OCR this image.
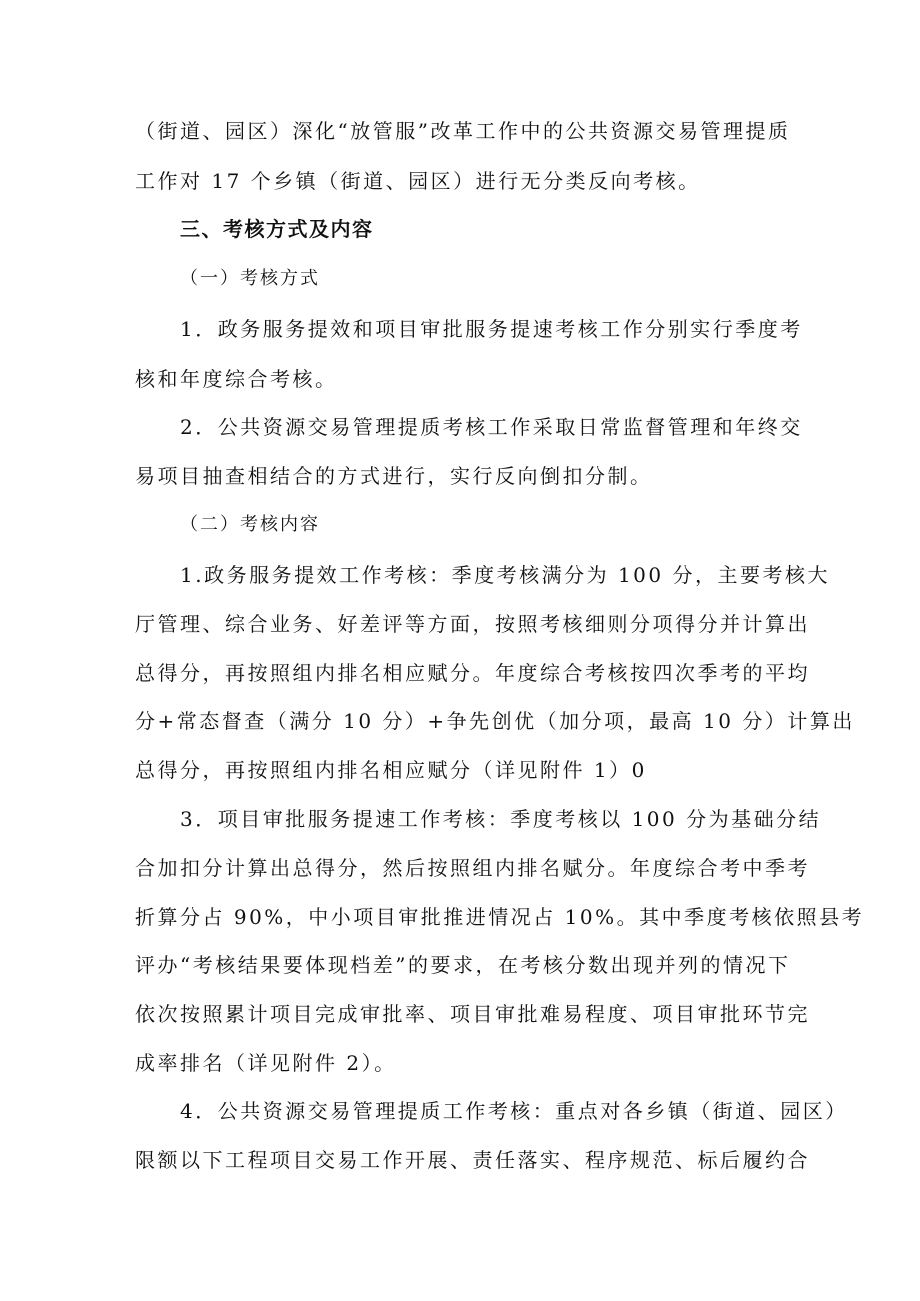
（街道、园区）深化“放管服”改革工作中的公共资源交易管理提质
工作对 17 个乡镇（街道、园区）进行无分类反向考核。
三、考核方式及内容
（一）考核方式
1．政务服务提效和项目审批服务提速考核工作分别实行季度考
核和年度综合考核。
2．公共资源交易管理提质考核工作采取日常监督管理和年终交
易项目抽查相结合的方式进行，实行反向倒扣分制。
（二）考核内容
1.政务服务提效工作考核：季度考核满分为 100 分，主要考核大
厅管理、综合业务、好差评等方面，按照考核细则分项得分并计算出
总得分，再按照组内排名相应赋分。年度综合考核按四次季考的平均
分+常态督查（满分 10 分）+争先创优（加分项，最高 10 分）计算出
总得分，再按照组内排名相应赋分（详见附件 1）0
3．项目审批服务提速工作考核：季度考核以 100 分为基础分结
合加扣分计算出总得分，然后按照组内排名赋分。年度综合考中季考
折算分占 90%，中小项目审批推进情况占 10%。其中季度考核依照县考
评办“考核结果要体现档差”的要求，在考核分数出现并列的情况下
依次按照累计项目完成审批率、项目审批难易程度、项目审批环节完
成率排名（详见附件 2）。
4．公共资源交易管理提质工作考核：重点对各乡镇（街道、园区）
限额以下工程项目交易工作开展、责任落实、程序规范、标后履约合
